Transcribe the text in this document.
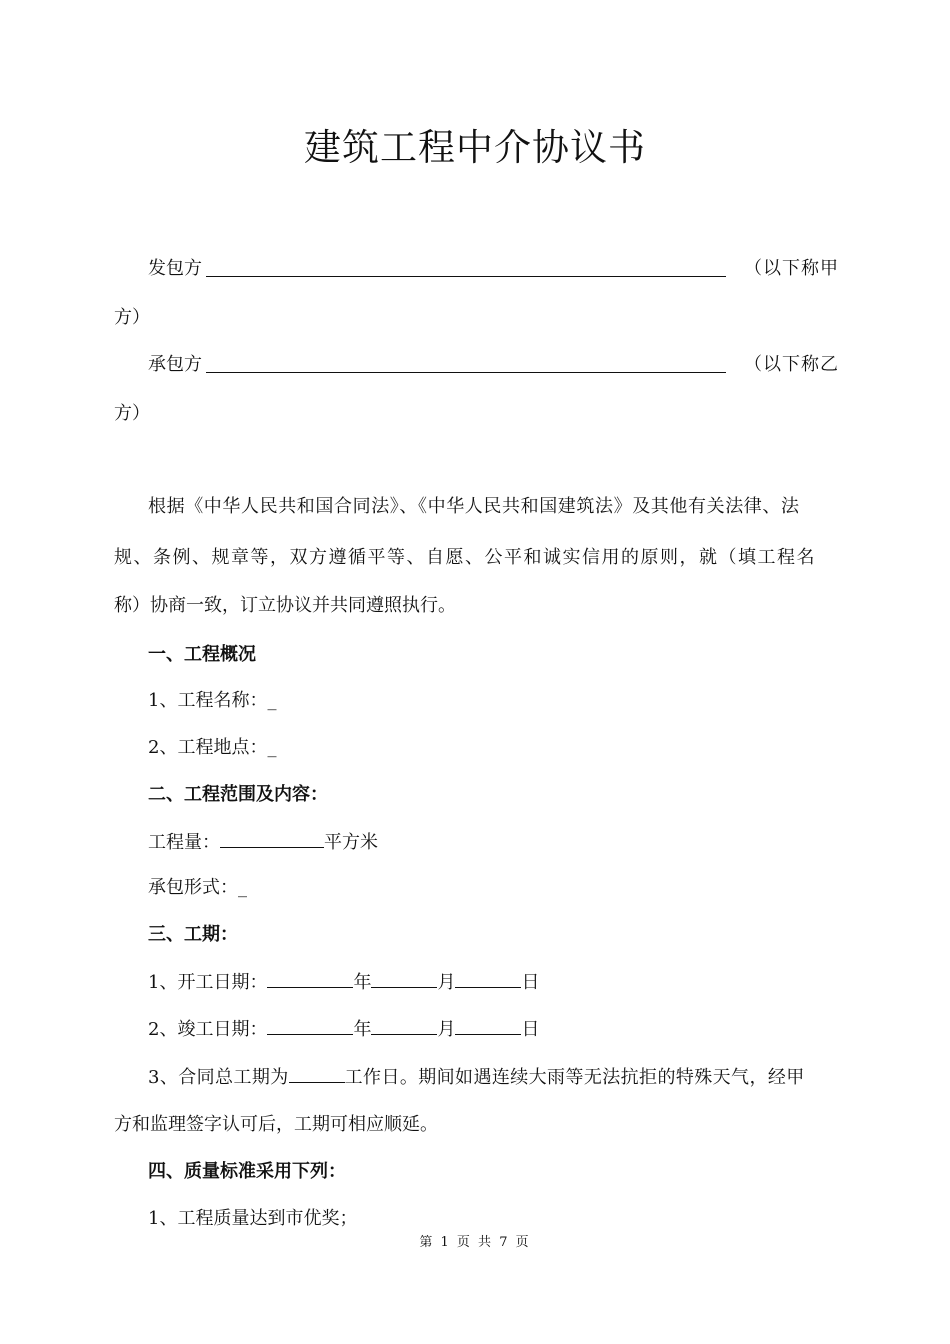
建筑工程中介协议书
发包方	（以下称甲
方）
承包方	（以下称乙
方）
根据《中华人民共和国合同法》、《中华人民共和国建筑法》及其他有关法律、法
规、条例、规章等，双方遵循平等、自愿、公平和诚实信用的原则，就（填工程名
称）协商一致，订立协议并共同遵照执行。
一、工程概况
1、工程名称：_
2、工程地点：_
二、工程范围及内容：
工程量：	平方米
承包形式：_
三、工期：
1、开工日期：	年	月	日
2、竣工日期：	年	月	日
3、合同总工期为	工作日。期间如遇连续大雨等无法抗拒的特殊天气，经甲
方和监理签字认可后，工期可相应顺延。
四、质量标准采用下列：
1、工程质量达到市优奖；
第 1 页 共 7 页
